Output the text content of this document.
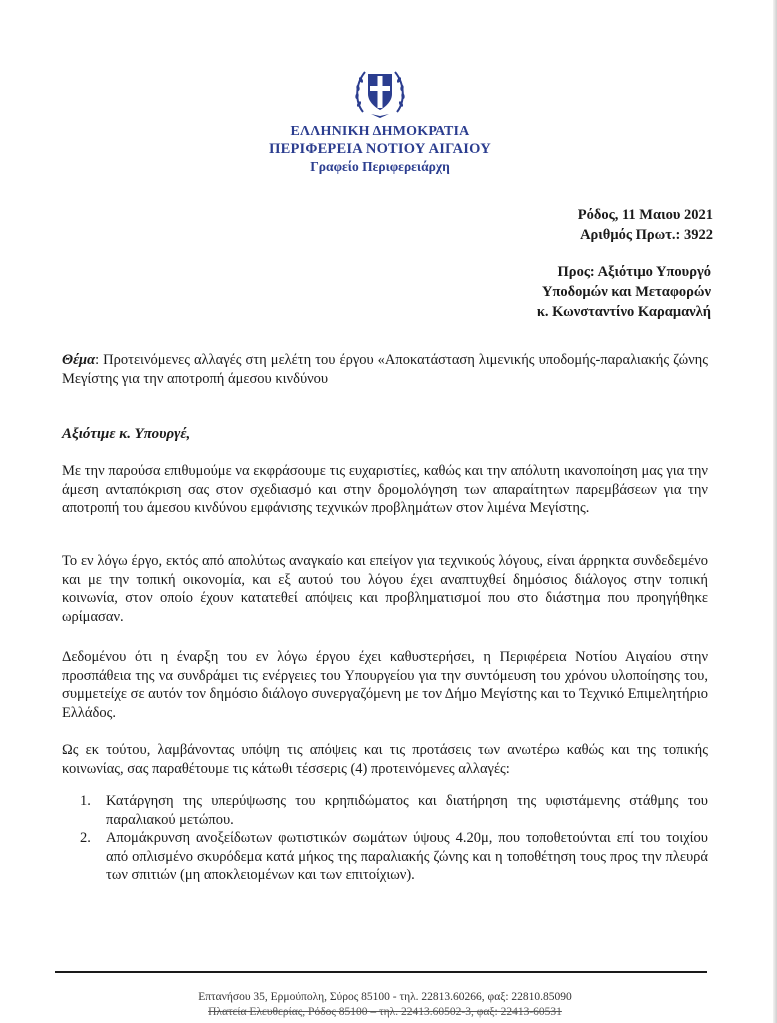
ΕΛΛΗΝΙΚΗ ΔΗΜΟΚΡΑΤΙΑ
ΠΕΡΙΦΕΡΕΙΑ ΝΟΤΙΟΥ ΑΙΓΑΙΟΥ
Γραφείο Περιφερειάρχη
Ρόδος, 11 Μαιου 2021
Αριθμός Πρωτ.: 3922
Προς: Αξιότιμο Υπουργό
Υποδομών και Μεταφορών
κ. Κωνσταντίνο Καραμανλή
Θέμα: Προτεινόμενες αλλαγές στη μελέτη του έργου «Αποκατάσταση λιμενικής υποδομής-παραλιακής ζώνης Μεγίστης για την αποτροπή άμεσου κινδύνου
Αξιότιμε κ. Υπουργέ,
Με την παρούσα επιθυμούμε να εκφράσουμε τις ευχαριστίες, καθώς και την απόλυτη ικανοποίηση μας για την άμεση ανταπόκριση σας στον σχεδιασμό και στην δρομολόγηση των απαραίτητων παρεμβάσεων για την αποτροπή του άμεσου κινδύνου εμφάνισης τεχνικών προβλημάτων στον λιμένα Μεγίστης.
Το εν λόγω έργο, εκτός από απολύτως αναγκαίο και επείγον για τεχνικούς λόγους, είναι άρρηκτα συνδεδεμένο και με την τοπική οικονομία, και εξ αυτού του λόγου έχει αναπτυχθεί δημόσιος διάλογος στην τοπική κοινωνία, στον οποίο έχουν κατατεθεί απόψεις και προβληματισμοί που στο διάστημα που προηγήθηκε ωρίμασαν.
Δεδομένου ότι η έναρξη του εν λόγω έργου έχει καθυστερήσει, η Περιφέρεια Νοτίου Αιγαίου στην προσπάθεια της να συνδράμει τις ενέργειες του Υπουργείου για την συντόμευση του χρόνου υλοποίησης του, συμμετείχε σε αυτόν τον δημόσιο διάλογο συνεργαζόμενη με τον Δήμο Μεγίστης και το Τεχνικό Επιμελητήριο Ελλάδος.
Ως εκ τούτου, λαμβάνοντας υπόψη τις απόψεις και τις προτάσεις των ανωτέρω καθώς και της τοπικής κοινωνίας, σας παραθέτουμε τις κάτωθι τέσσερις (4) προτεινόμενες αλλαγές:
1. Κατάργηση της υπερύψωσης του κρηπιδώματος και διατήρηση της υφιστάμενης στάθμης του παραλιακού μετώπου.
2. Απομάκρυνση ανοξείδωτων φωτιστικών σωμάτων ύψους 4.20μ, που τοποθετούνται επί του τοιχίου από οπλισμένο σκυρόδεμα κατά μήκος της παραλιακής ζώνης και η τοποθέτηση τους προς την πλευρά των σπιτιών (μη αποκλειομένων και των επιτοίχιων).
Επτανήσου 35, Ερμούπολη, Σύρος 85100 - τηλ. 22813.60266, φαξ: 22810.85090
Πλατεία Ελευθερίας, Ρόδος 85100 – τηλ. 22413.60502-3, φαξ: 22413-60531
